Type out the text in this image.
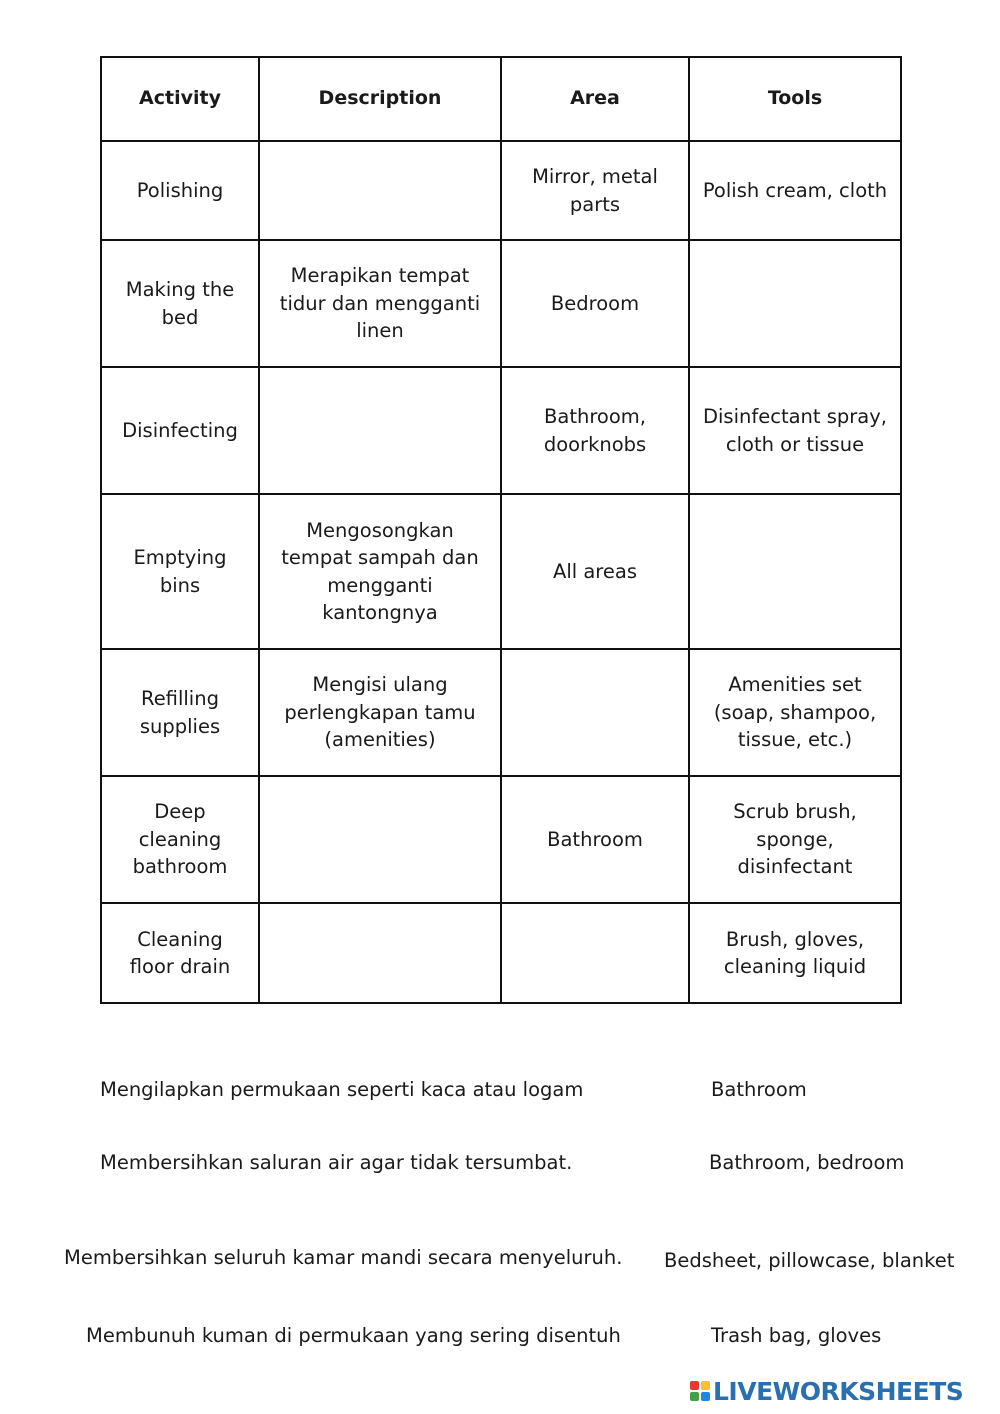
Activity	Description	Area	Tools
Polishing		Mirror, metal parts	Polish cream, cloth
Making the bed	Merapikan tempat tidur dan mengganti linen	Bedroom	
Disinfecting		Bathroom, doorknobs	Disinfectant spray, cloth or tissue
Emptying bins	Mengosongkan tempat sampah dan mengganti kantongnya	All areas	
Refilling supplies	Mengisi ulang perlengkapan tamu (amenities)		Amenities set (soap, shampoo, tissue, etc.)
Deep cleaning bathroom		Bathroom	Scrub brush, sponge, disinfectant
Cleaning floor drain			Brush, gloves, cleaning liquid
Mengilapkan permukaan seperti kaca atau logam
Membersihkan saluran air agar tidak tersumbat.
Membersihkan seluruh kamar mandi secara menyeluruh.
Membunuh kuman di permukaan yang sering disentuh
Bathroom
Bathroom, bedroom
Bedsheet, pillowcase, blanket
Trash bag, gloves
LIVEWORKSHEETS
